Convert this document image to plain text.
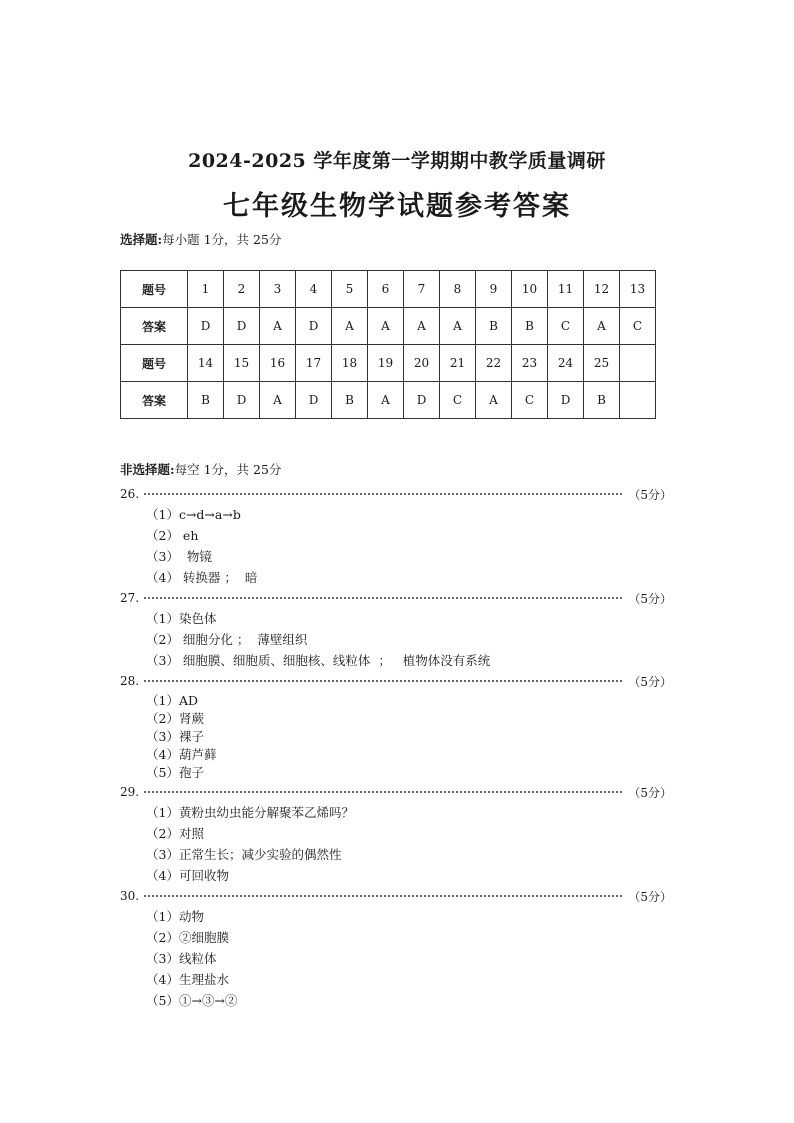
2024-2025 学年度第一学期期中教学质量调研
七年级生物学试题参考答案
选择题:每小题 1分，共 25分
题号	1	2	3	4	5	6	7	8	9	10	11	12	13
答案	D	D	A	D	A	A	A	A	B	B	C	A	C
题号	14	15	16	17	18	19	20	21	22	23	24	25	
答案	B	D	A	D	B	A	D	C	A	C	D	B	
非选择题:每空 1分，共 25分
26.	（5分）
（1）c→d→a→b
（2） eh
（3）  物镜
（4） 转换器 ；  暗
27.	（5分）
（1）染色体
（2） 细胞分化 ；  薄壁组织
（3） 细胞膜、细胞质、细胞核、线粒体  ；   植物体没有系统
28.	（5分）
（1）AD
（2）肾蕨
（3）裸子
（4）葫芦藓
（5）孢子
29.	（5分）
（1）黄粉虫幼虫能分解聚苯乙烯吗？
（2）对照
（3）正常生长；减少实验的偶然性
（4）可回收物
30.	（5分）
（1）动物
（2）②细胞膜
（3）线粒体
（4）生理盐水
（5）①→③→②
